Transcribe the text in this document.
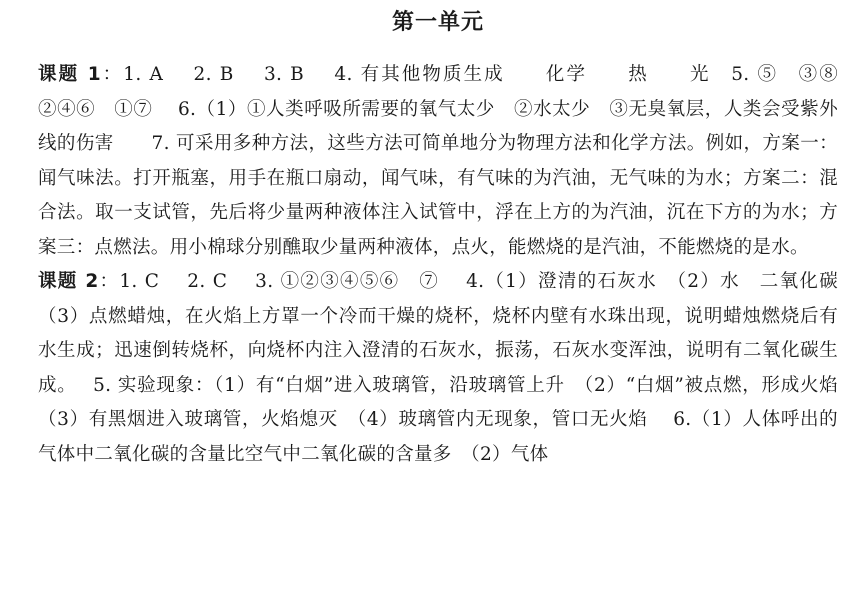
第一单元

课题 1：1. A　 2. B　 3. B　 4. 有其他物质生成　　化学　　热　　光　5. ⑤　③⑧　②④⑥　①⑦　 6.（1）①人类呼吸所需要的氧气太少　②水太少　③无臭氧层，人类会受紫外线的伤害　　7. 可采用多种方法，这些方法可简单地分为物理方法和化学方法。例如，方案一：闻气味法。打开瓶塞，用手在瓶口扇动，闻气味，有气味的为汽油，无气味的为水；方案二：混合法。取一支试管，先后将少量两种液体注入试管中，浮在上方的为汽油，沉在下方的为水；方案三：点燃法。用小棉球分别醮取少量两种液体，点火，能燃烧的是汽油，不能燃烧的是水。

课题 2：1. C　 2. C　 3. ①②③④⑤⑥　⑦　 4.（1）澄清的石灰水　（2）水　二氧化碳　（3）点燃蜡烛，在火焰上方罩一个冷而干燥的烧杯，烧杯内壁有水珠出现，说明蜡烛燃烧后有水生成；迅速倒转烧杯，向烧杯内注入澄清的石灰水，振荡，石灰水变浑浊，说明有二氧化碳生成。　 5. 实验现象：（1）有“白烟”进入玻璃管，沿玻璃管上升　（2）“白烟”被点燃，形成火焰　（3）有黑烟进入玻璃管，火焰熄灭　（4）玻璃管内无现象，管口无火焰　 6.（1）人体呼出的气体中二氧化碳的含量比空气中二氧化碳的含量多　（2）气体
